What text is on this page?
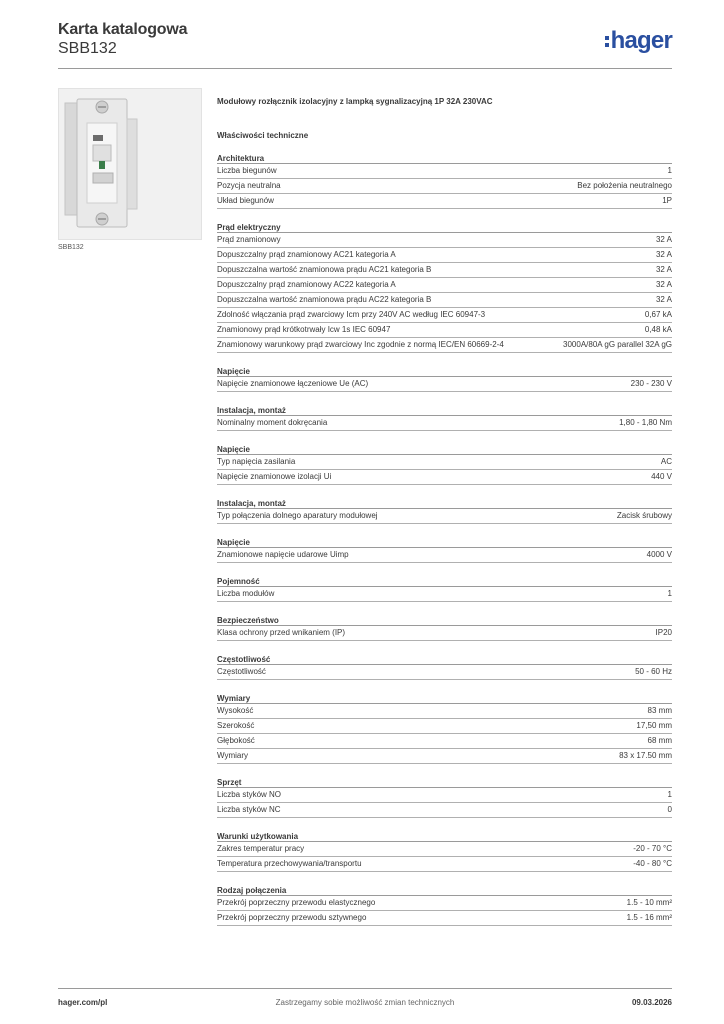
Karta katalogowa
SBB132	hager
SBB132
Modułowy rozłącznik izolacyjny z lampką sygnalizacyjną 1P 32A 230VAC
Właściwości techniczne
Architektura
Liczba biegunów	1
Pozycja neutralna	Bez położenia neutralnego
Układ biegunów	1P
Prąd elektryczny
Prąd znamionowy	32 A
Dopuszczalny prąd znamionowy AC21 kategoria A	32 A
Dopuszczalna wartość znamionowa prądu AC21 kategoria B	32 A
Dopuszczalny prąd znamionowy AC22 kategoria A	32 A
Dopuszczalna wartość znamionowa prądu AC22 kategoria B	32 A
Zdolność włączania prąd zwarciowy Icm przy 240V AC według IEC 60947-3	0,67 kA
Znamionowy prąd krótkotrwały Icw 1s IEC 60947	0,48 kA
Znamionowy warunkowy prąd zwarciowy Inc zgodnie z normą IEC/EN 60669-2-4	3000A/80A gG parallel 32A gG
Napięcie
Napięcie znamionowe łączeniowe Ue (AC)	230 - 230 V
Instalacja, montaż
Nominalny moment dokręcania	1,80 - 1,80 Nm
Napięcie
Typ napięcia zasilania	AC
Napięcie znamionowe izolacji Ui	440 V
Instalacja, montaż
Typ połączenia dolnego aparatury modułowej	Zacisk śrubowy
Napięcie
Znamionowe napięcie udarowe Uimp	4000 V
Pojemność
Liczba modułów	1
Bezpieczeństwo
Klasa ochrony przed wnikaniem (IP)	IP20
Częstotliwość
Częstotliwość	50 - 60 Hz
Wymiary
Wysokość	83 mm
Szerokość	17,50 mm
Głębokość	68 mm
Wymiary	83 x 17.50 mm
Sprzęt
Liczba styków NO	1
Liczba styków NC	0
Warunki użytkowania
Zakres temperatur pracy	-20 - 70 °C
Temperatura przechowywania/transportu	-40 - 80 °C
Rodzaj połączenia
Przekrój poprzeczny przewodu elastycznego	1.5 - 10 mm²
Przekrój poprzeczny przewodu sztywnego	1.5 - 16 mm²
hager.com/pl	Zastrzegamy sobie możliwość zmian technicznych	09.03.2026
